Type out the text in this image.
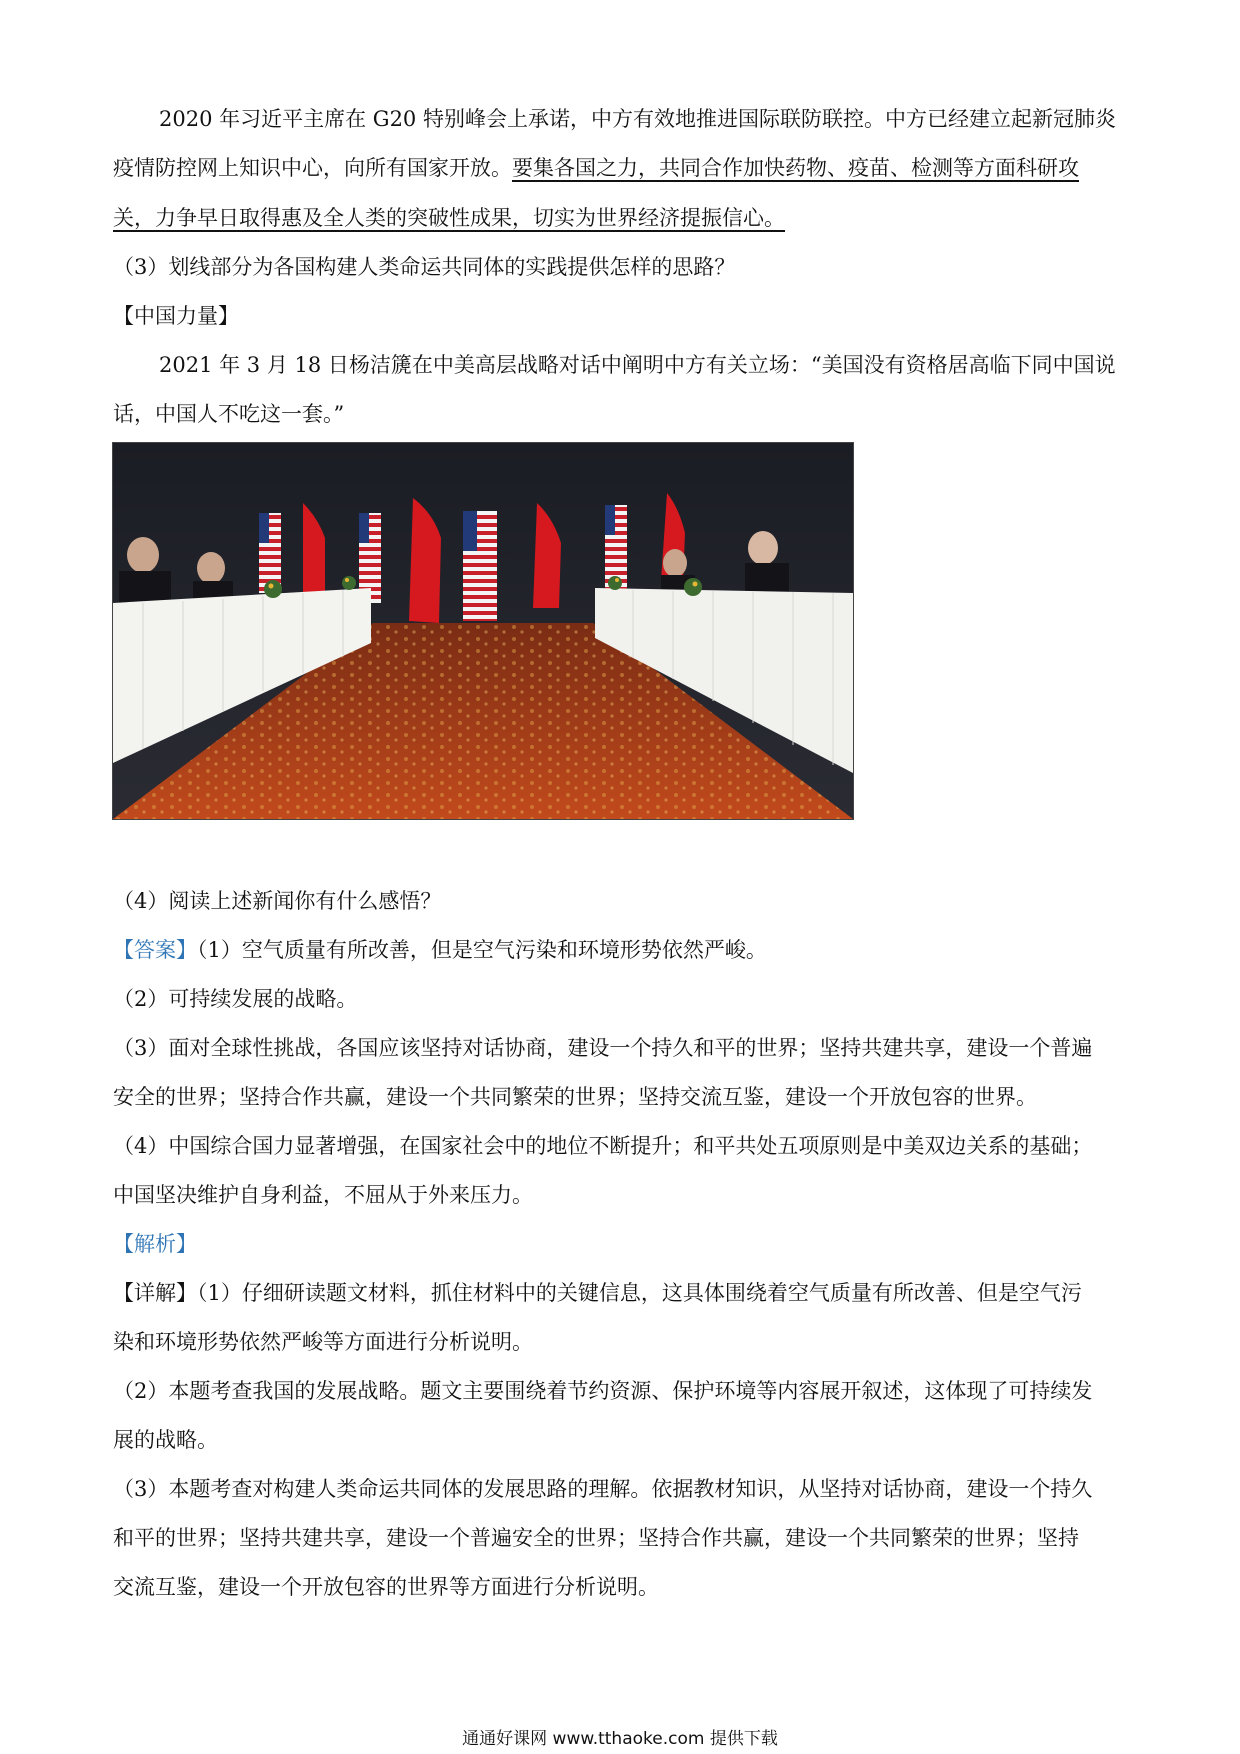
2020 年习近平主席在 G20 特别峰会上承诺，中方有效地推进国际联防联控。中方已经建立起新冠肺炎
疫情防控网上知识中心，向所有国家开放。要集各国之力，共同合作加快药物、疫苗、检测等方面科研攻
关，力争早日取得惠及全人类的突破性成果，切实为世界经济提振信心。
（3）划线部分为各国构建人类命运共同体的实践提供怎样的思路？
【中国力量】
2021 年 3 月 18 日杨洁篪在中美高层战略对话中阐明中方有关立场：“美国没有资格居高临下同中国说
话，中国人不吃这一套。”
（4）阅读上述新闻你有什么感悟？
【答案】（1）空气质量有所改善，但是空气污染和环境形势依然严峻。
（2）可持续发展的战略。
（3）面对全球性挑战，各国应该坚持对话协商，建设一个持久和平的世界；坚持共建共享，建设一个普遍
安全的世界；坚持合作共赢，建设一个共同繁荣的世界；坚持交流互鉴，建设一个开放包容的世界。
（4）中国综合国力显著增强，在国家社会中的地位不断提升；和平共处五项原则是中美双边关系的基础；
中国坚决维护自身利益，不屈从于外来压力。
【解析】
【详解】（1）仔细研读题文材料，抓住材料中的关键信息，这具体围绕着空气质量有所改善、但是空气污
染和环境形势依然严峻等方面进行分析说明。
（2）本题考查我国的发展战略。题文主要围绕着节约资源、保护环境等内容展开叙述，这体现了可持续发
展的战略。
（3）本题考查对构建人类命运共同体的发展思路的理解。依据教材知识，从坚持对话协商，建设一个持久
和平的世界；坚持共建共享，建设一个普遍安全的世界；坚持合作共赢，建设一个共同繁荣的世界；坚持
交流互鉴，建设一个开放包容的世界等方面进行分析说明。
通通好课网 www.tthaoke.com 提供下载
